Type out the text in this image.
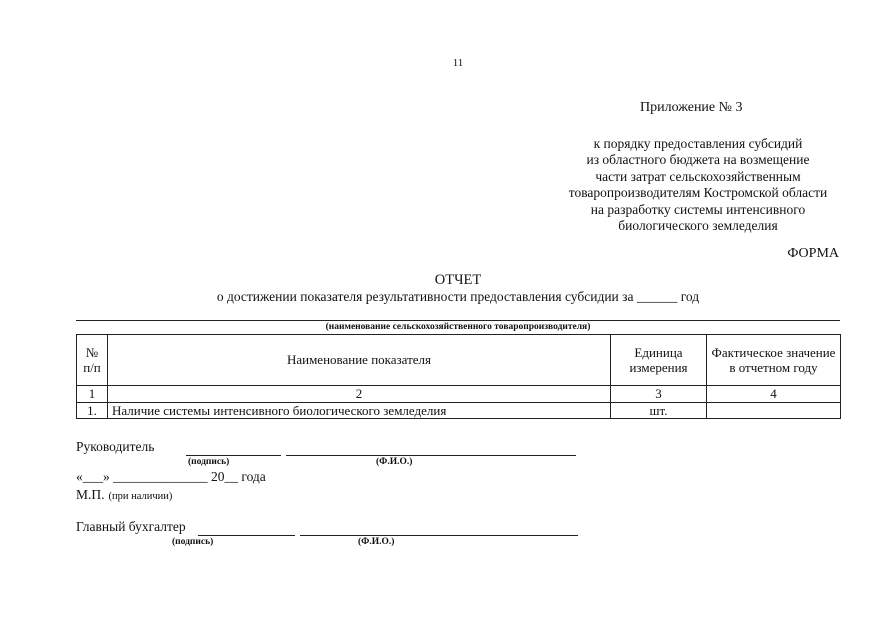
11
Приложение № 3
к порядку предоставления субсидий
из областного бюджета на возмещение
части затрат сельскохозяйственным
товаропроизводителям Костромской области
на разработку системы интенсивного
биологического земледелия
ФОРМА
ОТЧЕТ
о достижении показателя результативности предоставления субсидии за ______ год
(наименование сельскохозяйственного товаропроизводителя)
№ п/п	Наименование показателя	Единица измерения	Фактическое значение в отчетном году
1	2	3	4
1.	Наличие системы интенсивного биологического земледелия	шт.	
Руководитель
(подпись)	(Ф.И.О.)
«___» ______________ 20__ года
М.П. (при наличии)
Главный бухгалтер
(подпись)	(Ф.И.О.)
